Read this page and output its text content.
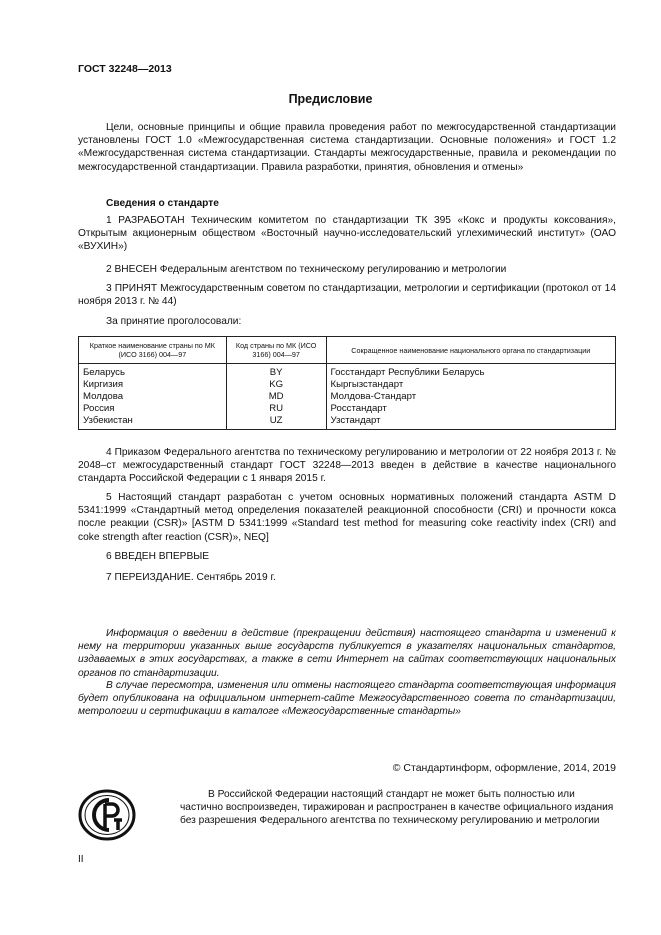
ГОСТ 32248—2013
Предисловие

Цели, основные принципы и общие правила проведения работ по межгосударственной стандартизации установлены ГОСТ 1.0 «Межгосударственная система стандартизации. Основные положения» и ГОСТ 1.2 «Межгосударственная система стандартизации. Стандарты межгосударственные, правила и рекомендации по межгосударственной стандартизации. Правила разработки, принятия, обновления и отмены»

Сведения о стандарте

1 РАЗРАБОТАН Техническим комитетом по стандартизации ТК 395 «Кокс и продукты коксования», Открытым акционерным обществом «Восточный научно-исследовательский углехимический институт» (ОАО «ВУХИН»)

2 ВНЕСЕН Федеральным агентством по техническому регулированию и метрологии

3 ПРИНЯТ Межгосударственным советом по стандартизации, метрологии и сертификации (протокол от 14 ноября 2013 г. № 44)

За принятие проголосовали:
Краткое наименование страны по МК (ИСО 3166) 004—97	Код страны по МК (ИСО 3166) 004—97	Сокращенное наименование национального органа по стандартизации
Беларусь	BY	Госстандарт Республики Беларусь
Киргизия	KG	Кыргызстандарт
Молдова	MD	Молдова-Стандарт
Россия	RU	Росстандарт
Узбекистан	UZ	Узстандарт

4 Приказом Федерального агентства по техническому регулированию и метрологии от 22 ноября 2013 г. № 2048–ст межгосударственный стандарт ГОСТ 32248—2013 введен в действие в качестве национального стандарта Российской Федерации с 1 января 2015 г.

5 Настоящий стандарт разработан с учетом основных нормативных положений стандарта ASTM D 5341:1999 «Стандартный метод определения показателей реакционной способности (CRI) и прочности кокса после реакции (CSR)» [ASTM D 5341:1999 «Standard test method for measuring coke reactivity index (CRI) and coke strength after reaction (CSR)», NEQ]

6 ВВЕДЕН ВПЕРВЫЕ

7 ПЕРЕИЗДАНИЕ. Сентябрь 2019 г.

Информация о введении в действие (прекращении действия) настоящего стандарта и изменений к нему на территории указанных выше государств публикуется в указателях национальных стандартов, издаваемых в этих государствах, а также в сети Интернет на сайтах соответствующих национальных органов по стандартизации.

В случае пересмотра, изменения или отмены настоящего стандарта соответствующая информация будет опубликована на официальном интернет-сайте Межгосударственного совета по стандартизации, метрологии и сертификации в каталоге «Межгосударственные стандарты»

© Стандартинформ, оформление, 2014, 2019

В Российской Федерации настоящий стандарт не может быть полностью или частично воспроизведен, тиражирован и распространен в качестве официального издания без разрешения Федерального агентства по техническому регулированию и метрологии

II
